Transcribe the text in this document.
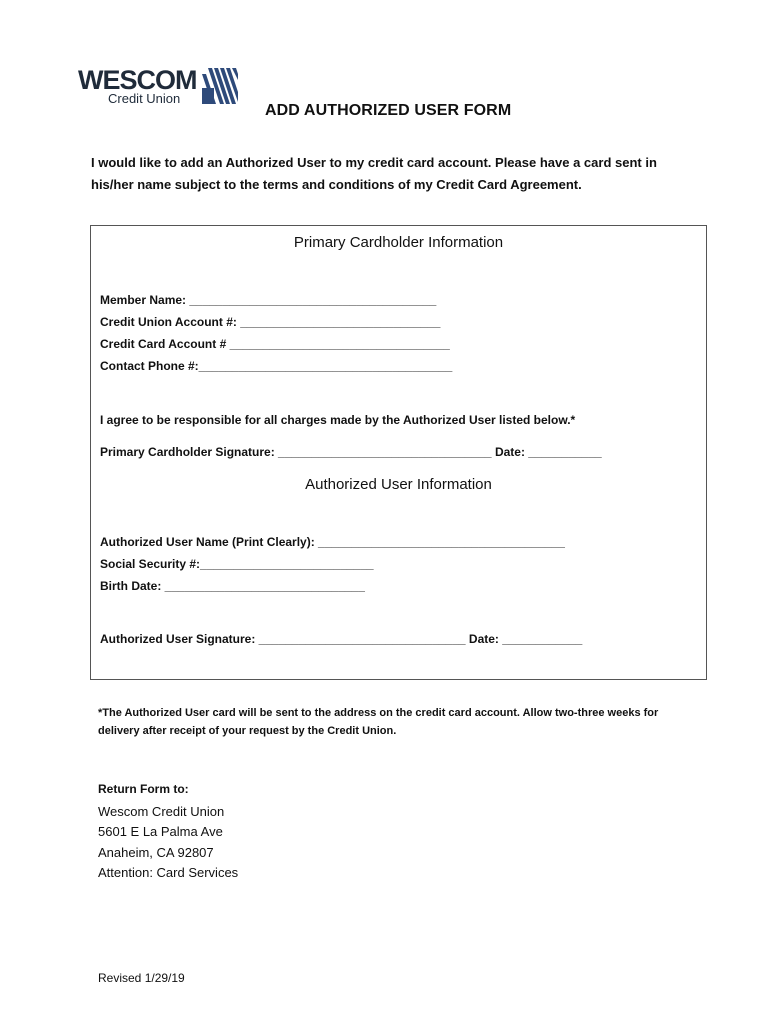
WESCOM
Credit Union
ADD AUTHORIZED USER FORM
I would like to add an Authorized User to my credit card account. Please have a card sent in his/her name subject to the terms and conditions of my Credit Card Agreement.
Primary Cardholder Information
Member Name: _____________________________________
Credit Union Account #: ______________________________
Credit Card Account # _________________________________
Contact Phone #:______________________________________
I agree to be responsible for all charges made by the Authorized User listed below.*
Primary Cardholder Signature: ________________________________ Date: ___________
Authorized User Information
Authorized User Name (Print Clearly): _____________________________________
Social Security #:__________________________
Birth Date: ______________________________
Authorized User Signature: _______________________________ Date: ____________
*The Authorized User card will be sent to the address on the credit card account. Allow two-three weeks for delivery after receipt of your request by the Credit Union.
Return Form to:
Wescom Credit Union
5601 E La Palma Ave
Anaheim, CA 92807
Attention: Card Services
Revised 1/29/19
